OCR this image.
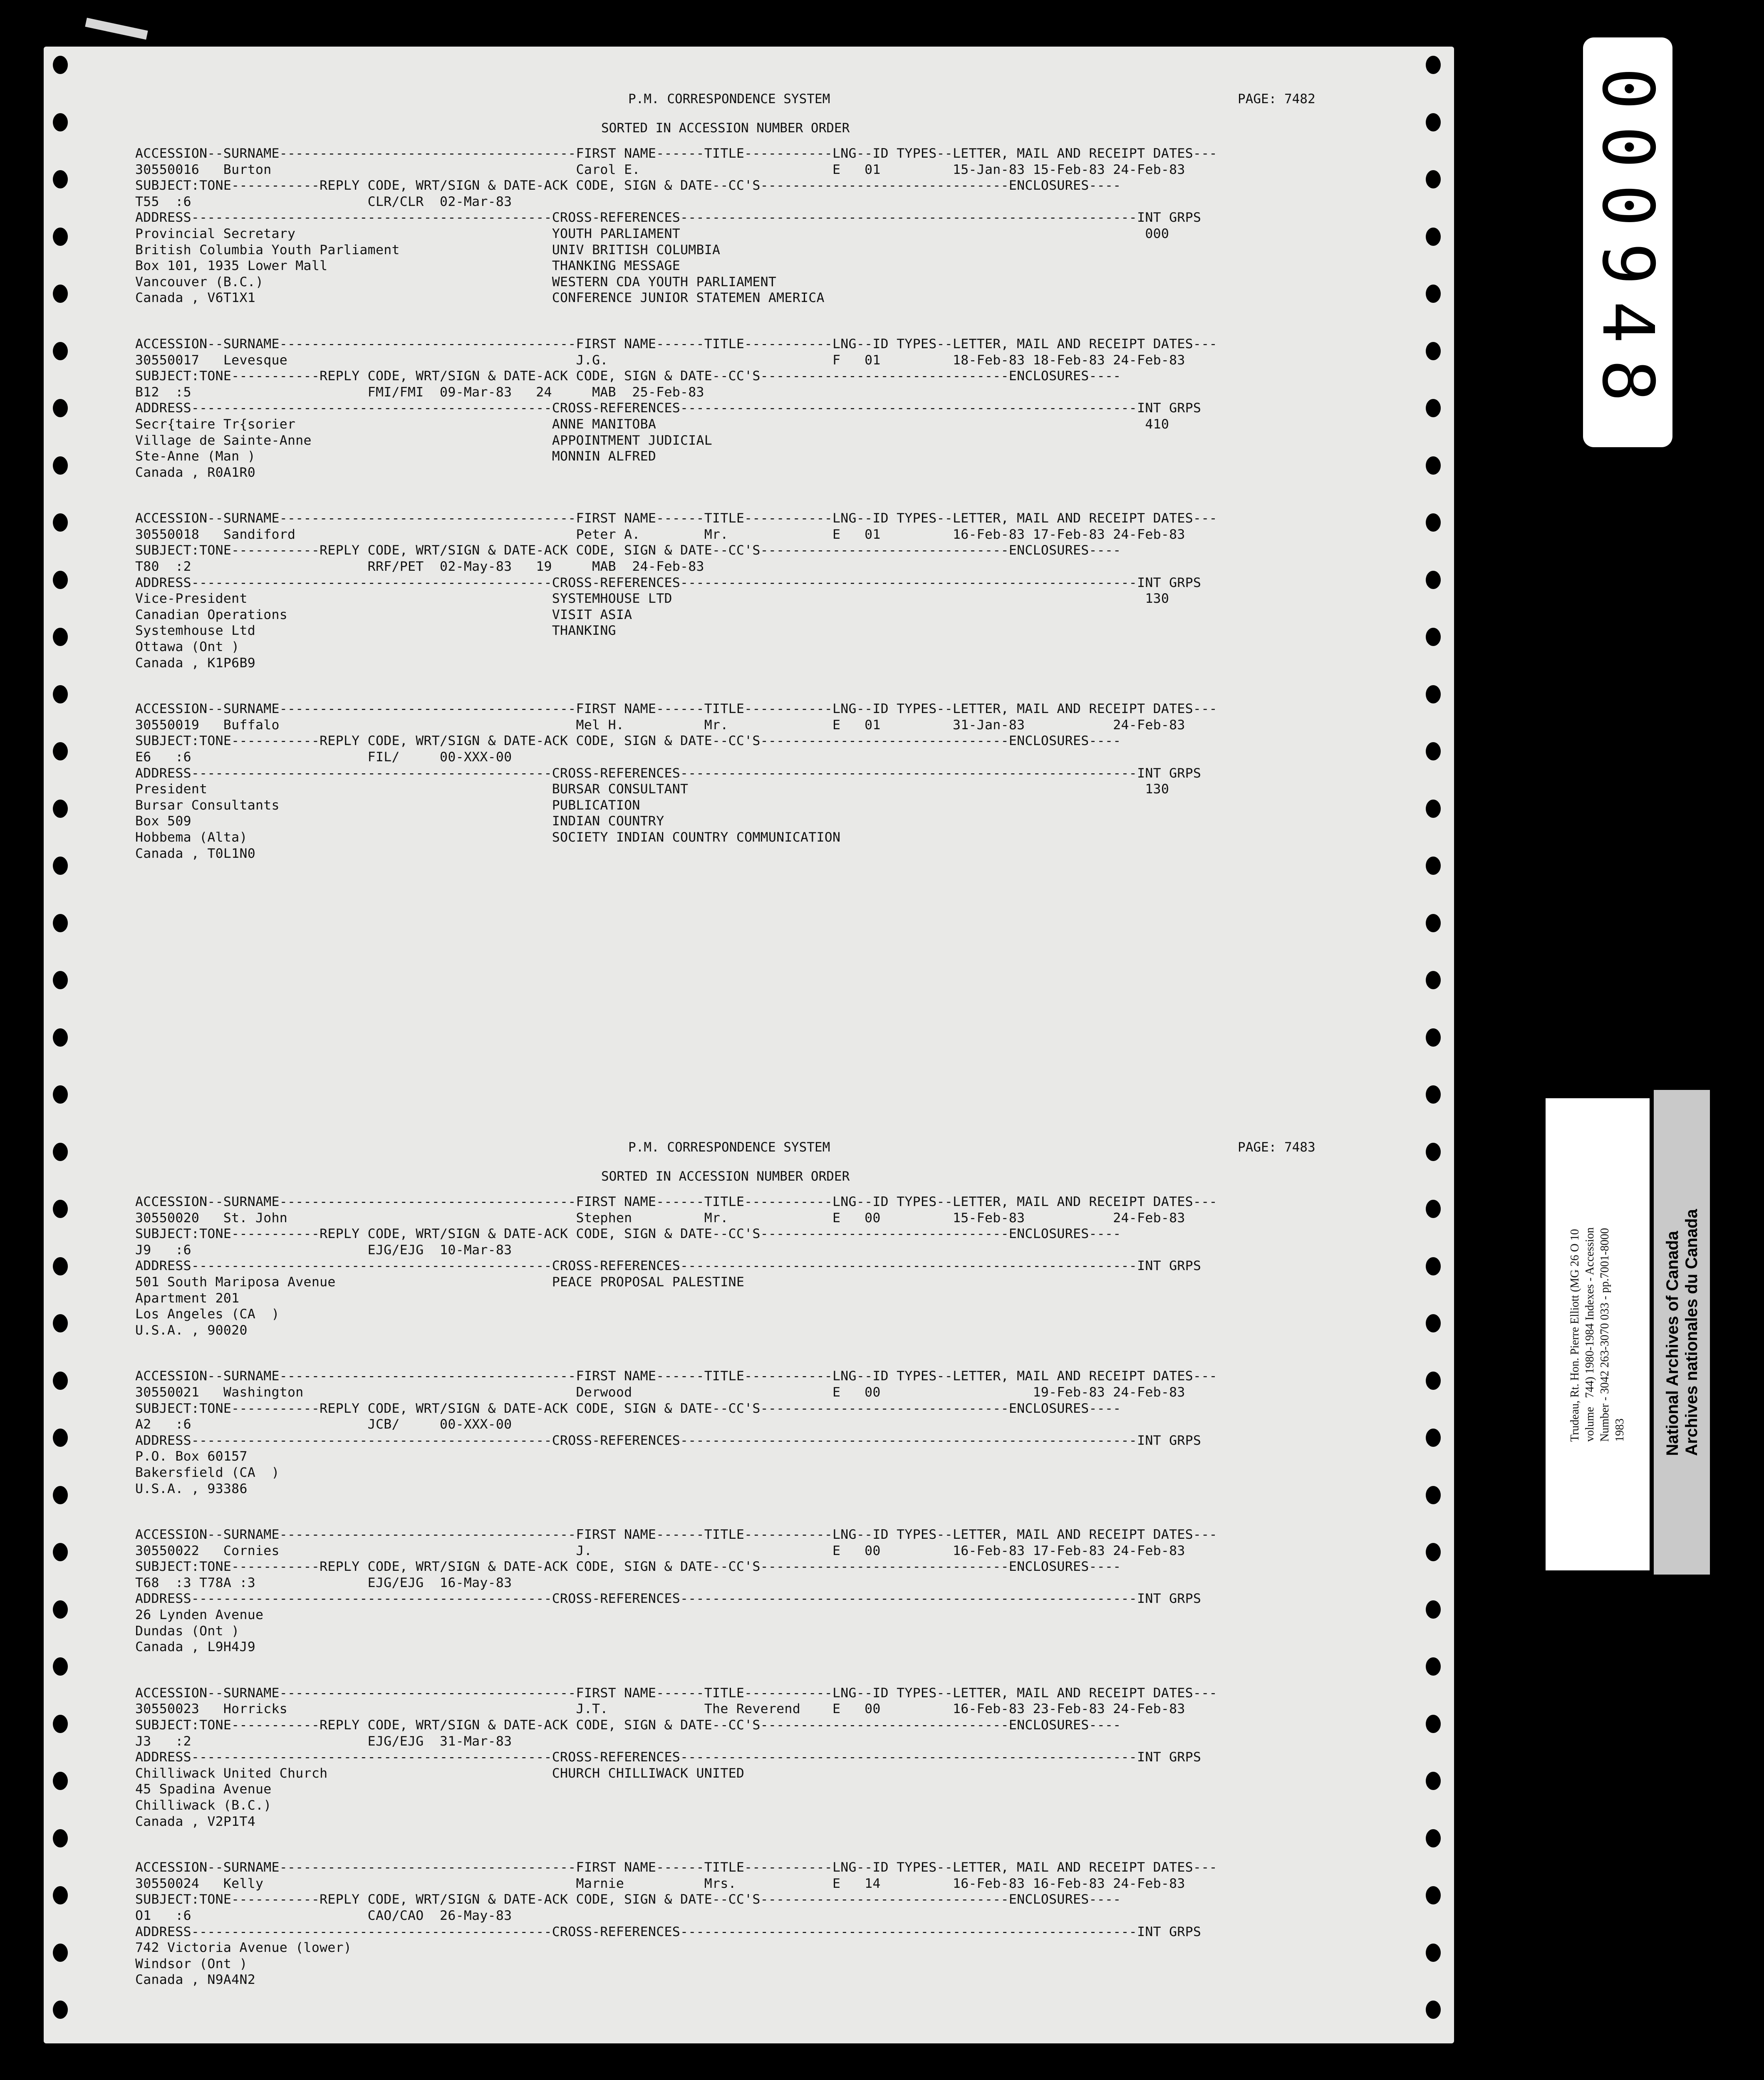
P.M. CORRESPONDENCE SYSTEM	PAGE: 7482
SORTED IN ACCESSION NUMBER ORDER
ACCESSION--SURNAME-------------------------------------FIRST NAME------TITLE-----------LNG--ID TYPES--LETTER, MAIL AND RECEIPT DATES---
30550016   Burton                                      Carol E.                        E   01         15-Jan-83 15-Feb-83 24-Feb-83
SUBJECT:TONE-----------REPLY CODE, WRT/SIGN & DATE-ACK CODE, SIGN & DATE--CC'S-------------------------------ENCLOSURES----
T55  :6                      CLR/CLR  02-Mar-83
ADDRESS---------------------------------------------CROSS-REFERENCES---------------------------------------------------------INT GRPS
Provincial Secretary                                YOUTH PARLIAMENT                                                          000
British Columbia Youth Parliament                   UNIV BRITISH COLUMBIA
Box 101, 1935 Lower Mall                            THANKING MESSAGE
Vancouver (B.C.)                                    WESTERN CDA YOUTH PARLIAMENT
Canada , V6T1X1                                     CONFERENCE JUNIOR STATEMEN AMERICA
ACCESSION--SURNAME-------------------------------------FIRST NAME------TITLE-----------LNG--ID TYPES--LETTER, MAIL AND RECEIPT DATES---
30550017   Levesque                                    J.G.                            F   01         18-Feb-83 18-Feb-83 24-Feb-83
SUBJECT:TONE-----------REPLY CODE, WRT/SIGN & DATE-ACK CODE, SIGN & DATE--CC'S-------------------------------ENCLOSURES----
B12  :5                      FMI/FMI  09-Mar-83   24     MAB  25-Feb-83
ADDRESS---------------------------------------------CROSS-REFERENCES---------------------------------------------------------INT GRPS
Secr{taire Tr{sorier                                ANNE MANITOBA                                                             410
Village de Sainte-Anne                              APPOINTMENT JUDICIAL
Ste-Anne (Man )                                     MONNIN ALFRED
Canada , R0A1R0
ACCESSION--SURNAME-------------------------------------FIRST NAME------TITLE-----------LNG--ID TYPES--LETTER, MAIL AND RECEIPT DATES---
30550018   Sandiford                                   Peter A.        Mr.             E   01         16-Feb-83 17-Feb-83 24-Feb-83
SUBJECT:TONE-----------REPLY CODE, WRT/SIGN & DATE-ACK CODE, SIGN & DATE--CC'S-------------------------------ENCLOSURES----
T80  :2                      RRF/PET  02-May-83   19     MAB  24-Feb-83
ADDRESS---------------------------------------------CROSS-REFERENCES---------------------------------------------------------INT GRPS
Vice-President                                      SYSTEMHOUSE LTD                                                           130
Canadian Operations                                 VISIT ASIA
Systemhouse Ltd                                     THANKING
Ottawa (Ont )
Canada , K1P6B9
ACCESSION--SURNAME-------------------------------------FIRST NAME------TITLE-----------LNG--ID TYPES--LETTER, MAIL AND RECEIPT DATES---
30550019   Buffalo                                     Mel H.          Mr.             E   01         31-Jan-83           24-Feb-83
SUBJECT:TONE-----------REPLY CODE, WRT/SIGN & DATE-ACK CODE, SIGN & DATE--CC'S-------------------------------ENCLOSURES----
E6   :6                      FIL/     00-XXX-00
ADDRESS---------------------------------------------CROSS-REFERENCES---------------------------------------------------------INT GRPS
President                                           BURSAR CONSULTANT                                                         130
Bursar Consultants                                  PUBLICATION
Box 509                                             INDIAN COUNTRY
Hobbema (Alta)                                      SOCIETY INDIAN COUNTRY COMMUNICATION
Canada , T0L1N0
P.M. CORRESPONDENCE SYSTEM	PAGE: 7483
SORTED IN ACCESSION NUMBER ORDER
ACCESSION--SURNAME-------------------------------------FIRST NAME------TITLE-----------LNG--ID TYPES--LETTER, MAIL AND RECEIPT DATES---
30550020   St. John                                    Stephen         Mr.             E   00         15-Feb-83           24-Feb-83
SUBJECT:TONE-----------REPLY CODE, WRT/SIGN & DATE-ACK CODE, SIGN & DATE--CC'S-------------------------------ENCLOSURES----
J9   :6                      EJG/EJG  10-Mar-83
ADDRESS---------------------------------------------CROSS-REFERENCES---------------------------------------------------------INT GRPS
501 South Mariposa Avenue                           PEACE PROPOSAL PALESTINE
Apartment 201
Los Angeles (CA  )
U.S.A. , 90020
ACCESSION--SURNAME-------------------------------------FIRST NAME------TITLE-----------LNG--ID TYPES--LETTER, MAIL AND RECEIPT DATES---
30550021   Washington                                  Derwood                         E   00                   19-Feb-83 24-Feb-83
SUBJECT:TONE-----------REPLY CODE, WRT/SIGN & DATE-ACK CODE, SIGN & DATE--CC'S-------------------------------ENCLOSURES----
A2   :6                      JCB/     00-XXX-00
ADDRESS---------------------------------------------CROSS-REFERENCES---------------------------------------------------------INT GRPS
P.O. Box 60157
Bakersfield (CA  )
U.S.A. , 93386
ACCESSION--SURNAME-------------------------------------FIRST NAME------TITLE-----------LNG--ID TYPES--LETTER, MAIL AND RECEIPT DATES---
30550022   Cornies                                     J.                              E   00         16-Feb-83 17-Feb-83 24-Feb-83
SUBJECT:TONE-----------REPLY CODE, WRT/SIGN & DATE-ACK CODE, SIGN & DATE--CC'S-------------------------------ENCLOSURES----
T68  :3 T78A :3              EJG/EJG  16-May-83
ADDRESS---------------------------------------------CROSS-REFERENCES---------------------------------------------------------INT GRPS
26 Lynden Avenue
Dundas (Ont )
Canada , L9H4J9
ACCESSION--SURNAME-------------------------------------FIRST NAME------TITLE-----------LNG--ID TYPES--LETTER, MAIL AND RECEIPT DATES---
30550023   Horricks                                    J.T.            The Reverend    E   00         16-Feb-83 23-Feb-83 24-Feb-83
SUBJECT:TONE-----------REPLY CODE, WRT/SIGN & DATE-ACK CODE, SIGN & DATE--CC'S-------------------------------ENCLOSURES----
J3   :2                      EJG/EJG  31-Mar-83
ADDRESS---------------------------------------------CROSS-REFERENCES---------------------------------------------------------INT GRPS
Chilliwack United Church                            CHURCH CHILLIWACK UNITED
45 Spadina Avenue
Chilliwack (B.C.)
Canada , V2P1T4
ACCESSION--SURNAME-------------------------------------FIRST NAME------TITLE-----------LNG--ID TYPES--LETTER, MAIL AND RECEIPT DATES---
30550024   Kelly                                       Marnie          Mrs.            E   14         16-Feb-83 16-Feb-83 24-Feb-83
SUBJECT:TONE-----------REPLY CODE, WRT/SIGN & DATE-ACK CODE, SIGN & DATE--CC'S-------------------------------ENCLOSURES----
O1   :6                      CAO/CAO  26-May-83
ADDRESS---------------------------------------------CROSS-REFERENCES---------------------------------------------------------INT GRPS
742 Victoria Avenue (lower)
Windsor (Ont )
Canada , N9A4N2
000948
Trudeau, Rt. Hon. Pierre Elliott (MG 26 O 10 volume   744) 1980-1984 Indexes - Accession Number - 3042 263-3070 033 - pp.7001-8000 1983 National Archives of Canada Archives nationales du Canada
